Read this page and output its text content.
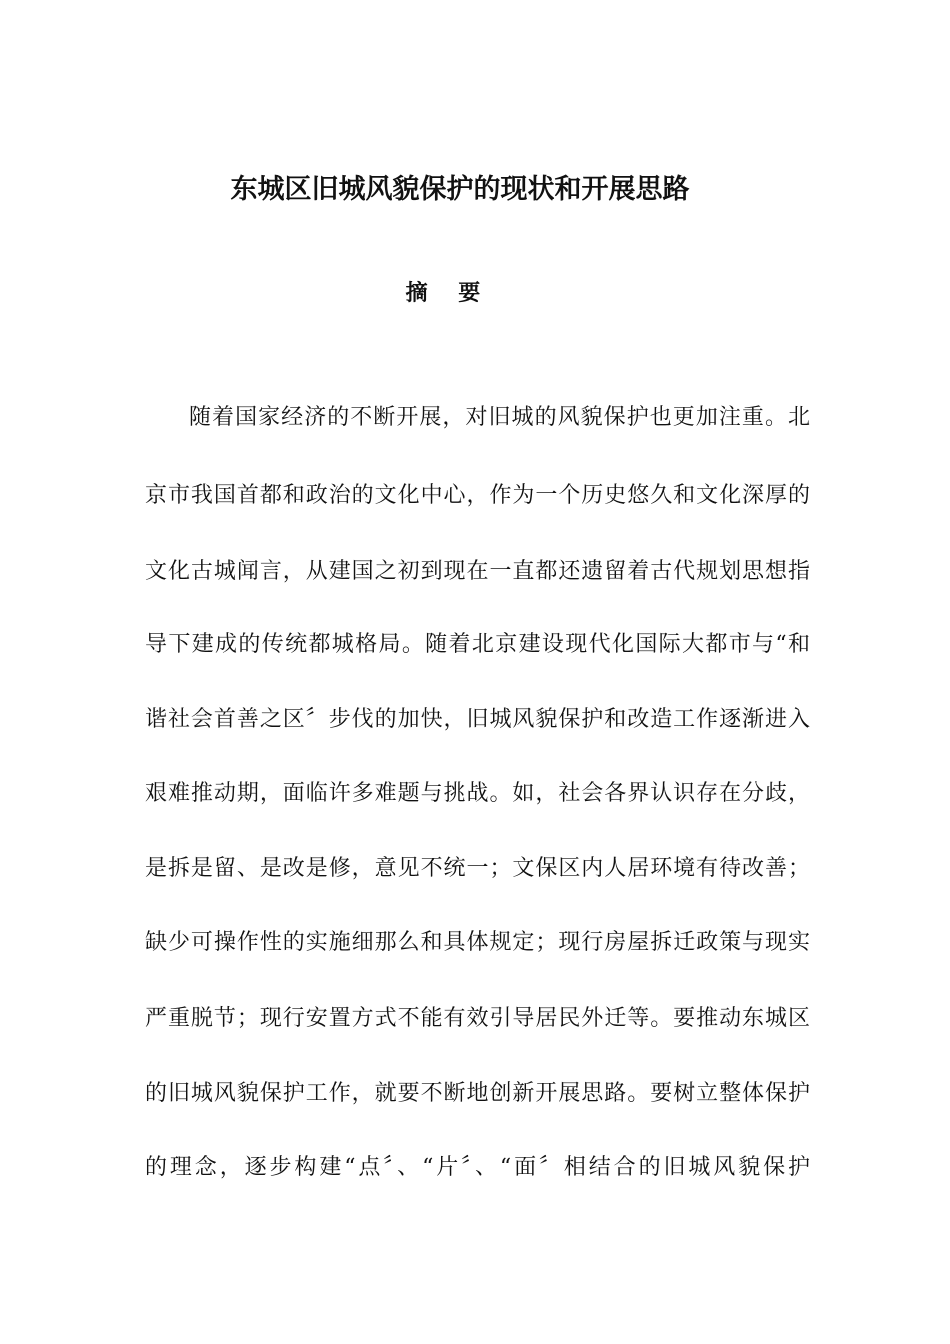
东城区旧城风貌保护的现状和开展思路
摘    要
随着国家经济的不断开展，对旧城的风貌保护也更加注重。北
京市我国首都和政治的文化中心，作为一个历史悠久和文化深厚的
文化古城闻言，从建国之初到现在一直都还遗留着古代规划思想指
导下建成的传统都城格局。随着北京建设现代化国际大都市与“和
谐社会首善之区〞步伐的加快，旧城风貌保护和改造工作逐渐进入
艰难推动期，面临许多难题与挑战。如，社会各界认识存在分歧，
是拆是留、是改是修，意见不统一；文保区内人居环境有待改善；
缺少可操作性的实施细那么和具体规定；现行房屋拆迁政策与现实
严重脱节；现行安置方式不能有效引导居民外迁等。要推动东城区
的旧城风貌保护工作，就要不断地创新开展思路。要树立整体保护
的理念，逐步构建“点〞、“片〞、“面〞相结合的旧城风貌保护
